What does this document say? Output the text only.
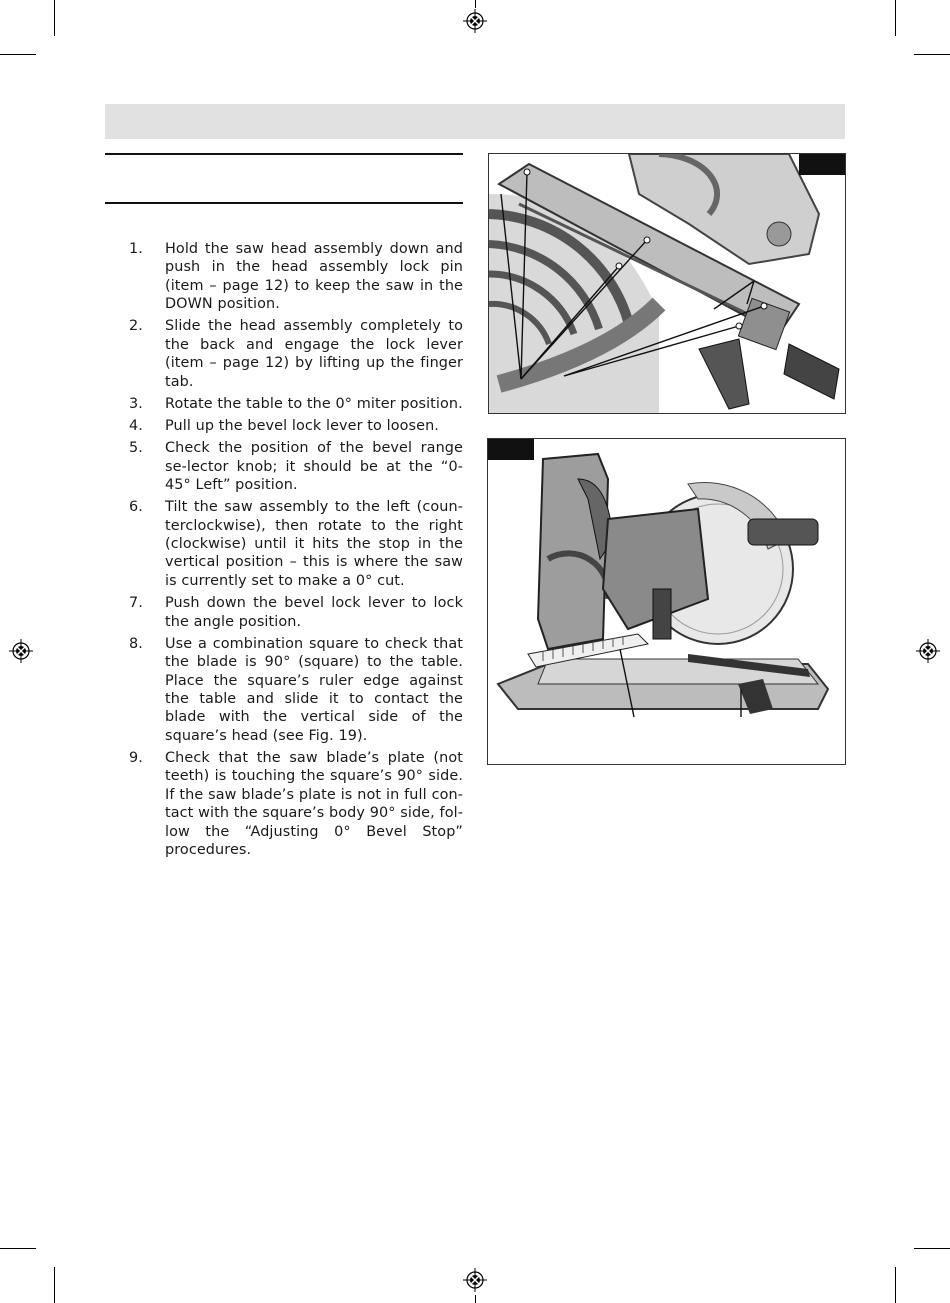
1.	Hold the saw head assembly down and push in the head assembly lock pin (item – page 12) to keep the saw in the DOWN position.
2.	Slide the head assembly completely to the back and engage the lock lever (item – page 12) by lifting up the finger tab.
3.	Rotate the table to the 0° miter position.
4.	Pull up the bevel lock lever to loosen.
5.	Check the position of the bevel range se-lector knob; it should be at the “0-45° Left” position.
6.	Tilt the saw assembly to the left (coun-terclockwise), then rotate to the right (clockwise) until it hits the stop in the vertical position – this is where the saw is currently set to make a 0° cut.
7.	Push down the bevel lock lever to lock the angle position.
8.	Use a combination square to check that the blade is 90° (square) to the table. Place the square’s ruler edge against the table and slide it to contact the blade with the vertical side of the square’s head (see Fig. 19).
9.	Check that the saw blade’s plate (not teeth) is touching the square’s 90° side. If the saw blade’s plate is not in full con-tact with the square’s body 90° side, fol-low the “Adjusting 0° Bevel Stop” procedures.
